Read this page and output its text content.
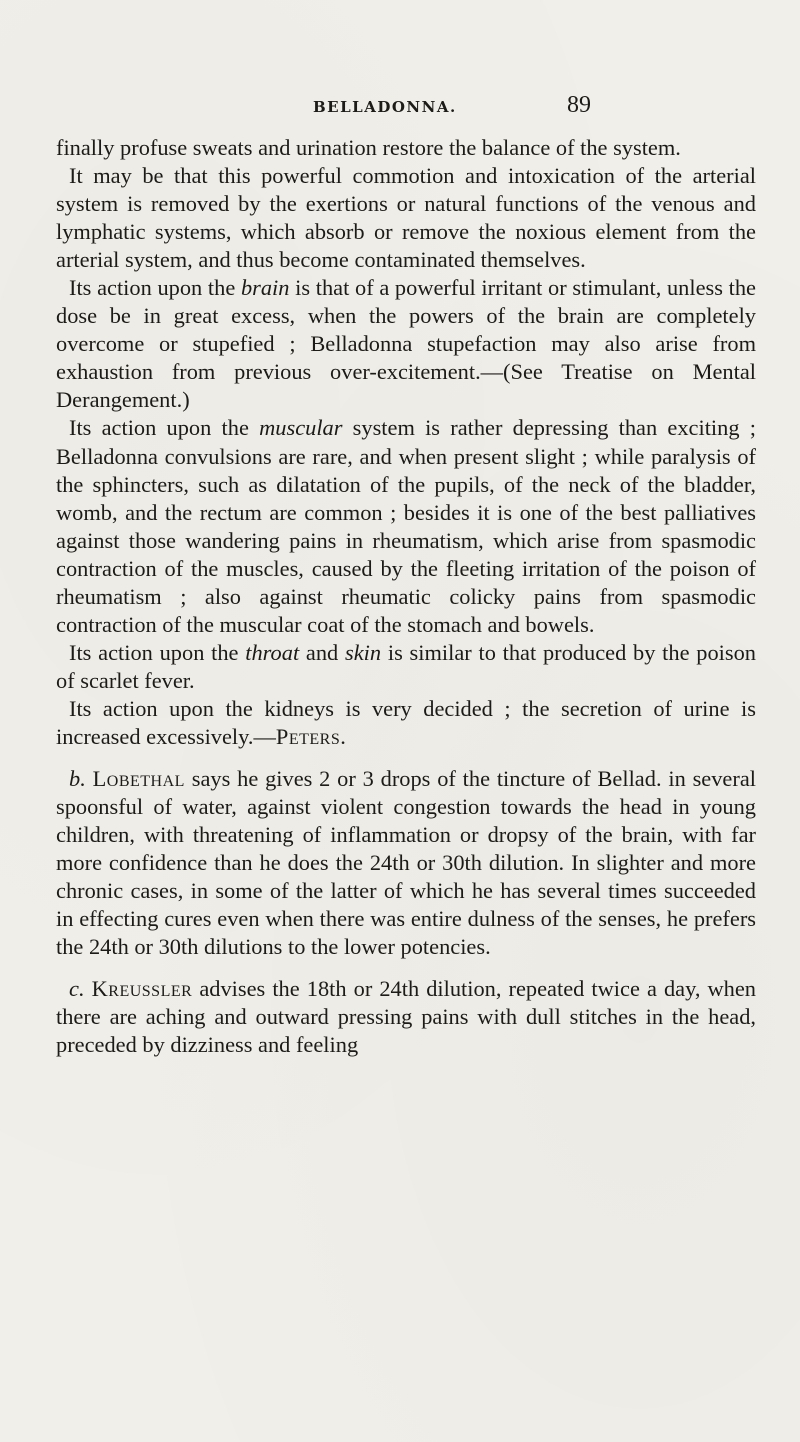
BELLADONNA.	89

finally profuse sweats and urination restore the balance of the system.

It may be that this powerful commotion and intoxication of the arterial system is removed by the exertions or natural functions of the venous and lymphatic systems, which absorb or remove the noxious element from the arterial system, and thus become contaminated themselves.

Its action upon the brain is that of a powerful irritant or stimulant, unless the dose be in great excess, when the powers of the brain are completely overcome or stupefied ; Belladonna stupefaction may also arise from exhaustion from previous over-excitement.—(See Treatise on Mental Derangement.)

Its action upon the muscular system is rather depressing than exciting ; Belladonna convulsions are rare, and when present slight ; while paralysis of the sphincters, such as dilatation of the pupils, of the neck of the bladder, womb, and the rectum are common ; besides it is one of the best palliatives against those wandering pains in rheumatism, which arise from spasmodic contraction of the muscles, caused by the fleeting irritation of the poison of rheumatism ; also against rheumatic colicky pains from spasmodic contraction of the muscular coat of the stomach and bowels.

Its action upon the throat and skin is similar to that produced by the poison of scarlet fever.

Its action upon the kidneys is very decided ; the secretion of urine is increased excessively.—Peters.

b. Lobethal says he gives 2 or 3 drops of the tincture of Bellad. in several spoonsful of water, against violent congestion towards the head in young children, with threatening of inflammation or dropsy of the brain, with far more confidence than he does the 24th or 30th dilution. In slighter and more chronic cases, in some of the latter of which he has several times succeeded in effecting cures even when there was entire dulness of the senses, he prefers the 24th or 30th dilutions to the lower potencies.

c. Kreussler advises the 18th or 24th dilution, repeated twice a day, when there are aching and outward pressing pains with dull stitches in the head, preceded by dizziness and feeling
